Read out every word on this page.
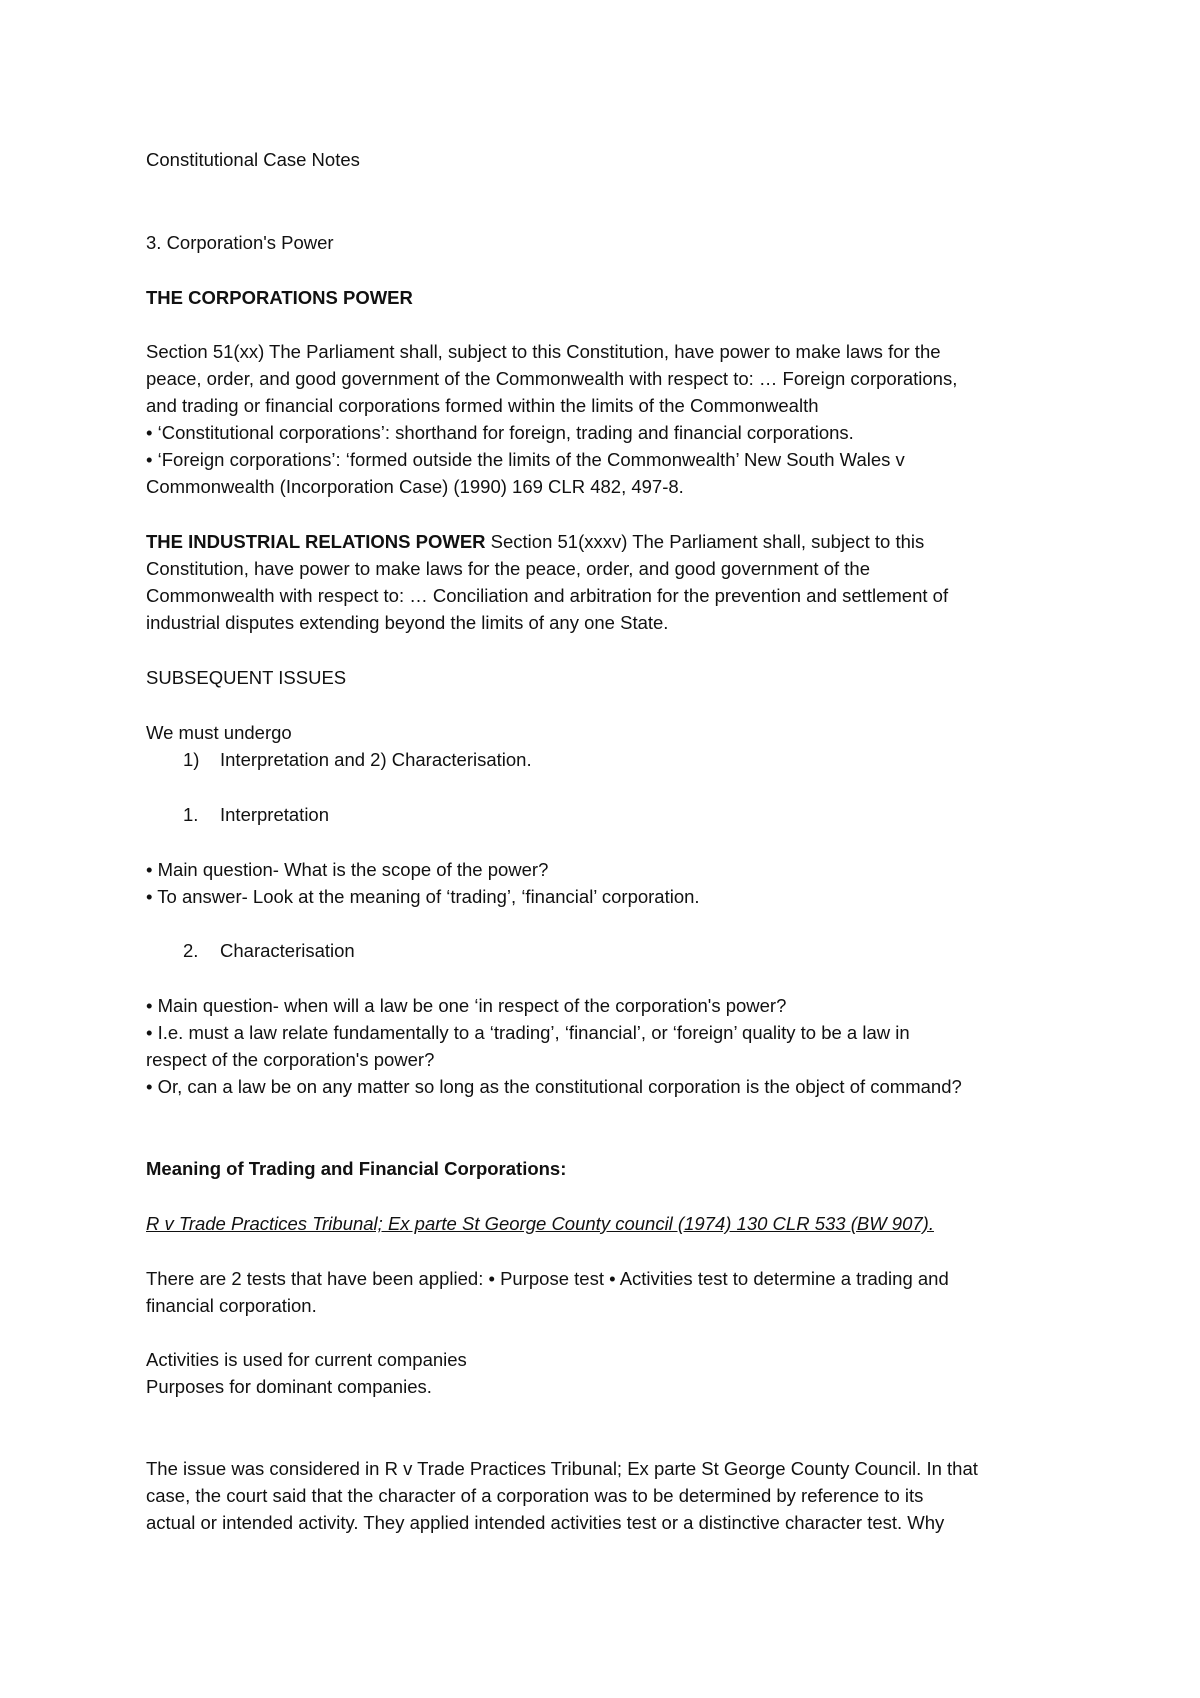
Constitutional Case Notes
3. Corporation's Power
THE CORPORATIONS POWER
Section 51(xx) The Parliament shall, subject to this Constitution, have power to make laws for the
peace, order, and good government of the Commonwealth with respect to: … Foreign corporations,
and trading or financial corporations formed within the limits of the Commonwealth
• ‘Constitutional corporations’: shorthand for foreign, trading and financial corporations.
• ‘Foreign corporations’: ‘formed outside the limits of the Commonwealth’ New South Wales v
Commonwealth (Incorporation Case) (1990) 169 CLR 482, 497-8.
THE INDUSTRIAL RELATIONS POWER Section 51(xxxv) The Parliament shall, subject to this
Constitution, have power to make laws for the peace, order, and good government of the
Commonwealth with respect to: … Conciliation and arbitration for the prevention and settlement of
industrial disputes extending beyond the limits of any one State.
SUBSEQUENT ISSUES
We must undergo
1) Interpretation and 2) Characterisation.
1. Interpretation
• Main question- What is the scope of the power?
• To answer- Look at the meaning of ‘trading’, ‘financial’ corporation.
2. Characterisation
• Main question- when will a law be one ‘in respect of the corporation's power?
• I.e. must a law relate fundamentally to a ‘trading’, ‘financial’, or ‘foreign’ quality to be a law in
respect of the corporation's power?
• Or, can a law be on any matter so long as the constitutional corporation is the object of command?
Meaning of Trading and Financial Corporations:
R v Trade Practices Tribunal; Ex parte St George County council (1974) 130 CLR 533 (BW 907).
There are 2 tests that have been applied: • Purpose test • Activities test to determine a trading and
financial corporation.
Activities is used for current companies
Purposes for dominant companies.
The issue was considered in R v Trade Practices Tribunal; Ex parte St George County Council. In that
case, the court said that the character of a corporation was to be determined by reference to its
actual or intended activity. They applied intended activities test or a distinctive character test. Why
